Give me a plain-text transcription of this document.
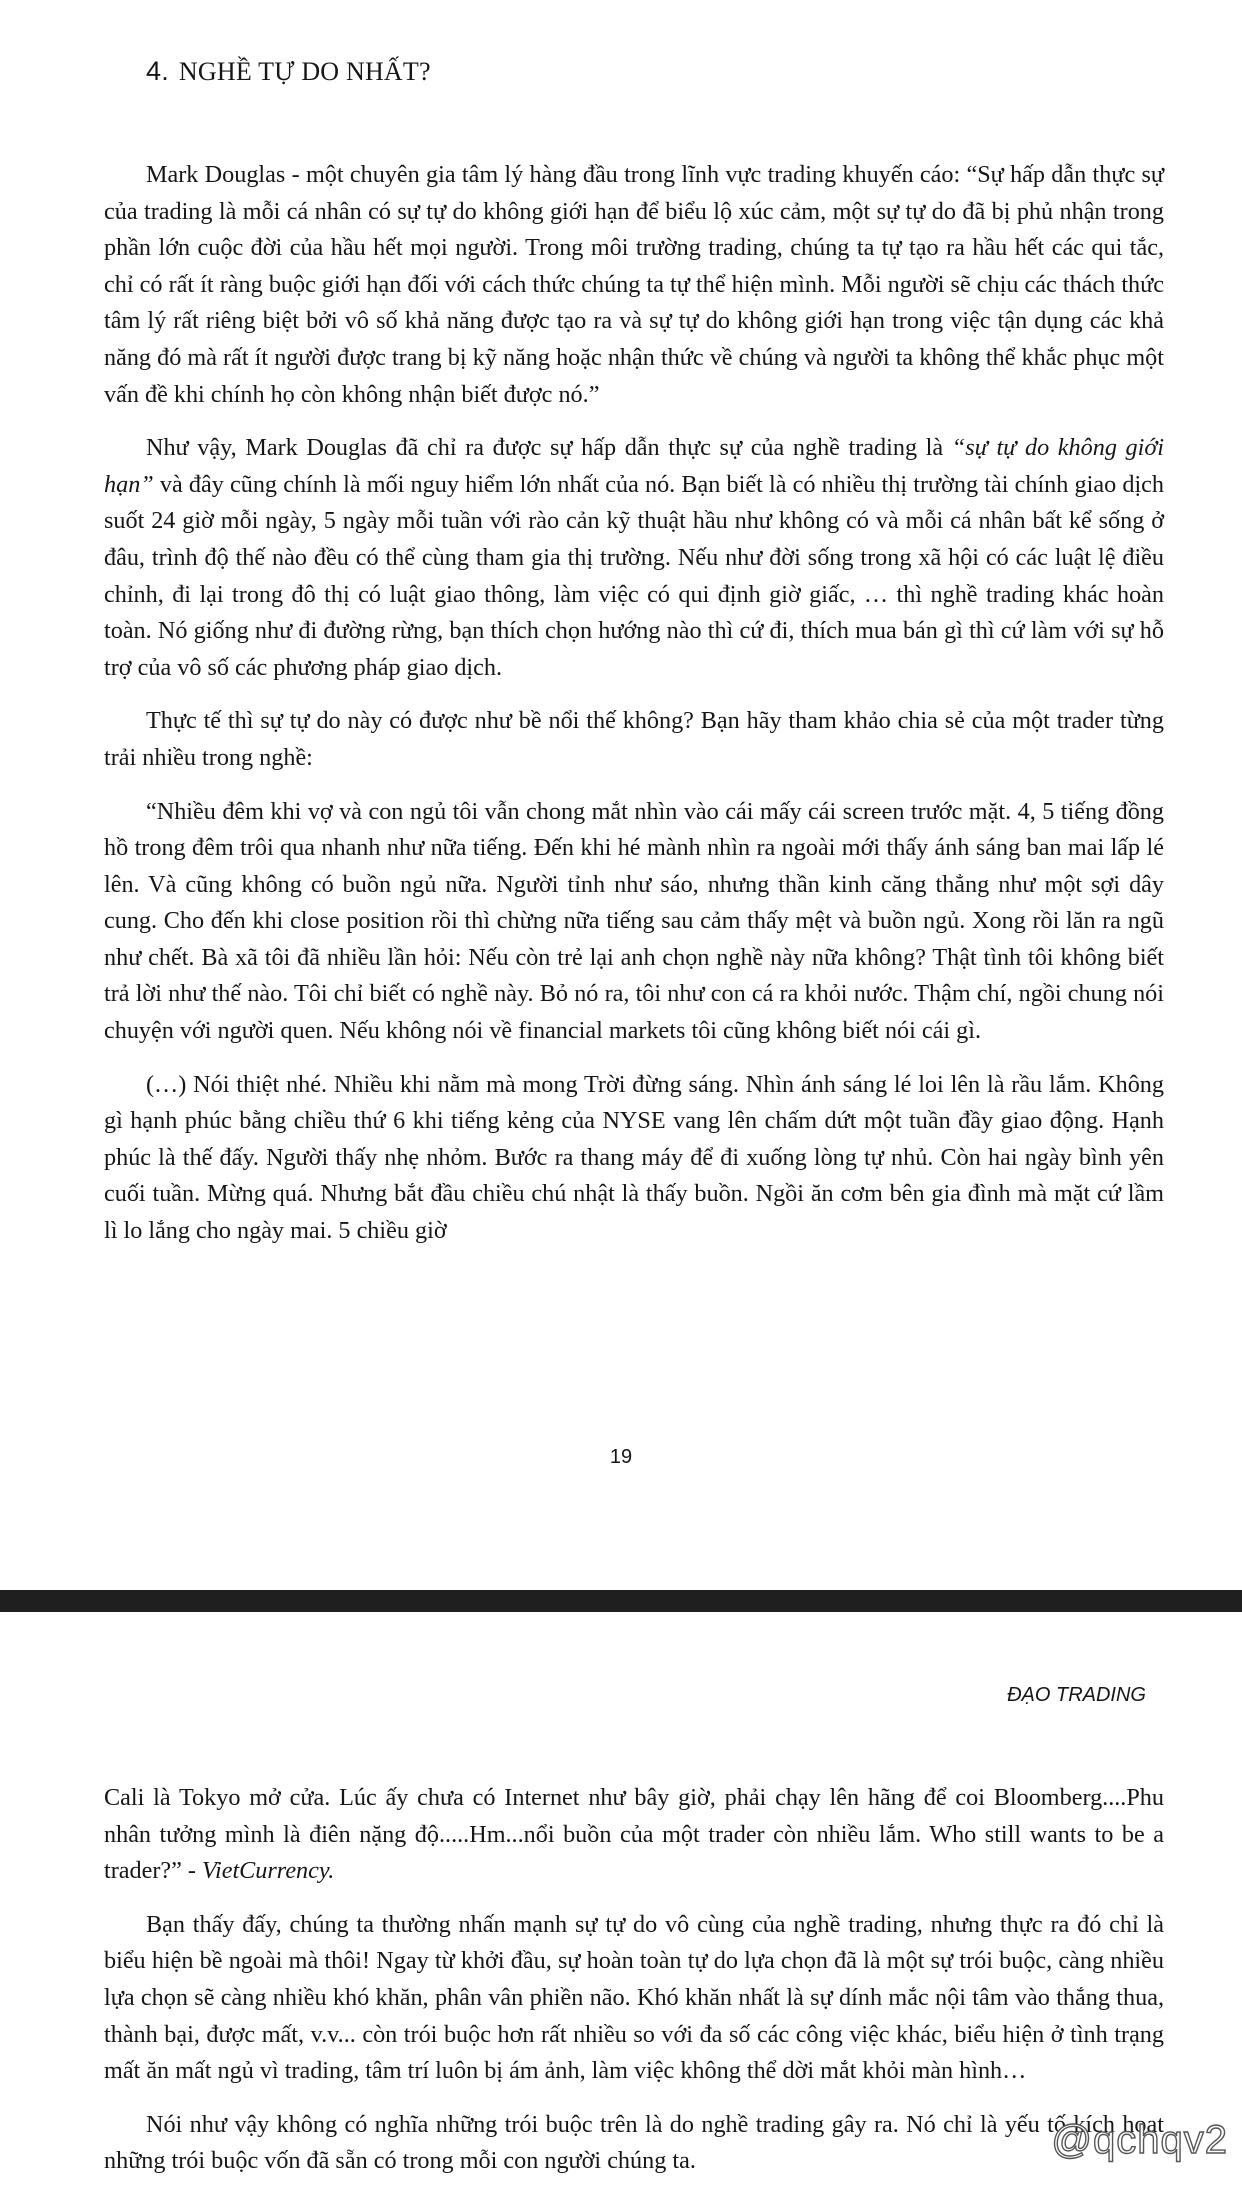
4. NGHỀ TỰ DO NHẤT?

Mark Douglas - một chuyên gia tâm lý hàng đầu trong lĩnh vực trading khuyến cáo: “Sự hấp dẫn thực sự của trading là mỗi cá nhân có sự tự do không giới hạn để biểu lộ xúc cảm, một sự tự do đã bị phủ nhận trong phần lớn cuộc đời của hầu hết mọi người. Trong môi trường trading, chúng ta tự tạo ra hầu hết các qui tắc, chỉ có rất ít ràng buộc giới hạn đối với cách thức chúng ta tự thể hiện mình. Mỗi người sẽ chịu các thách thức tâm lý rất riêng biệt bởi vô số khả năng được tạo ra và sự tự do không giới hạn trong việc tận dụng các khả năng đó mà rất ít người được trang bị kỹ năng hoặc nhận thức về chúng và người ta không thể khắc phục một vấn đề khi chính họ còn không nhận biết được nó.”

Như vậy, Mark Douglas đã chỉ ra được sự hấp dẫn thực sự của nghề trading là “sự tự do không giới hạn” và đây cũng chính là mối nguy hiểm lớn nhất của nó. Bạn biết là có nhiều thị trường tài chính giao dịch suốt 24 giờ mỗi ngày, 5 ngày mỗi tuần với rào cản kỹ thuật hầu như không có và mỗi cá nhân bất kể sống ở đâu, trình độ thế nào đều có thể cùng tham gia thị trường. Nếu như đời sống trong xã hội có các luật lệ điều chỉnh, đi lại trong đô thị có luật giao thông, làm việc có qui định giờ giấc, … thì nghề trading khác hoàn toàn. Nó giống như đi đường rừng, bạn thích chọn hướng nào thì cứ đi, thích mua bán gì thì cứ làm với sự hỗ trợ của vô số các phương pháp giao dịch.

Thực tế thì sự tự do này có được như bề nổi thế không? Bạn hãy tham khảo chia sẻ của một trader từng trải nhiều trong nghề:

“Nhiều đêm khi vợ và con ngủ tôi vẫn chong mắt nhìn vào cái mấy cái screen trước mặt. 4, 5 tiếng đồng hồ trong đêm trôi qua nhanh như nữa tiếng. Đến khi hé mành nhìn ra ngoài mới thấy ánh sáng ban mai lấp lé lên. Và cũng không có buồn ngủ nữa. Người tỉnh như sáo, nhưng thần kinh căng thẳng như một sợi dây cung. Cho đến khi close position rồi thì chừng nữa tiếng sau cảm thấy mệt và buồn ngủ. Xong rồi lăn ra ngũ như chết. Bà xã tôi đã nhiều lần hỏi: Nếu còn trẻ lại anh chọn nghề này nữa không? Thật tình tôi không biết trả lời như thế nào. Tôi chỉ biết có nghề này. Bỏ nó ra, tôi như con cá ra khỏi nước. Thậm chí, ngồi chung nói chuyện với người quen. Nếu không nói về financial markets tôi cũng không biết nói cái gì.

(…) Nói thiệt nhé. Nhiều khi nằm mà mong Trời đừng sáng. Nhìn ánh sáng lé loi lên là rầu lắm. Không gì hạnh phúc bằng chiều thứ 6 khi tiếng kẻng của NYSE vang lên chấm dứt một tuần đầy giao động. Hạnh phúc là thế đấy. Người thấy nhẹ nhỏm. Bước ra thang máy để đi xuống lòng tự nhủ. Còn hai ngày bình yên cuối tuần. Mừng quá. Nhưng bắt đầu chiều chú nhật là thấy buồn. Ngồi ăn cơm bên gia đình mà mặt cứ lầm lì lo lắng cho ngày mai. 5 chiều giờ

19
ĐẠO TRADING

Cali là Tokyo mở cửa. Lúc ấy chưa có Internet như bây giờ, phải chạy lên hãng để coi Bloomberg....Phu nhân tưởng mình là điên nặng độ.....Hm...nổi buồn của một trader còn nhiều lắm. Who still wants to be a trader?” - VietCurrency.

Bạn thấy đấy, chúng ta thường nhấn mạnh sự tự do vô cùng của nghề trading, nhưng thực ra đó chỉ là biểu hiện bề ngoài mà thôi! Ngay từ khởi đầu, sự hoàn toàn tự do lựa chọn đã là một sự trói buộc, càng nhiều lựa chọn sẽ càng nhiều khó khăn, phân vân phiền não. Khó khăn nhất là sự dính mắc nội tâm vào thắng thua, thành bại, được mất, v.v... còn trói buộc hơn rất nhiều so với đa số các công việc khác, biểu hiện ở tình trạng mất ăn mất ngủ vì trading, tâm trí luôn bị ám ảnh, làm việc không thể dời mắt khỏi màn hình…

Nói như vậy không có nghĩa những trói buộc trên là do nghề trading gây ra. Nó chỉ là yếu tố kích hoạt những trói buộc vốn đã sẵn có trong mỗi con người chúng ta.	@qchqv2
